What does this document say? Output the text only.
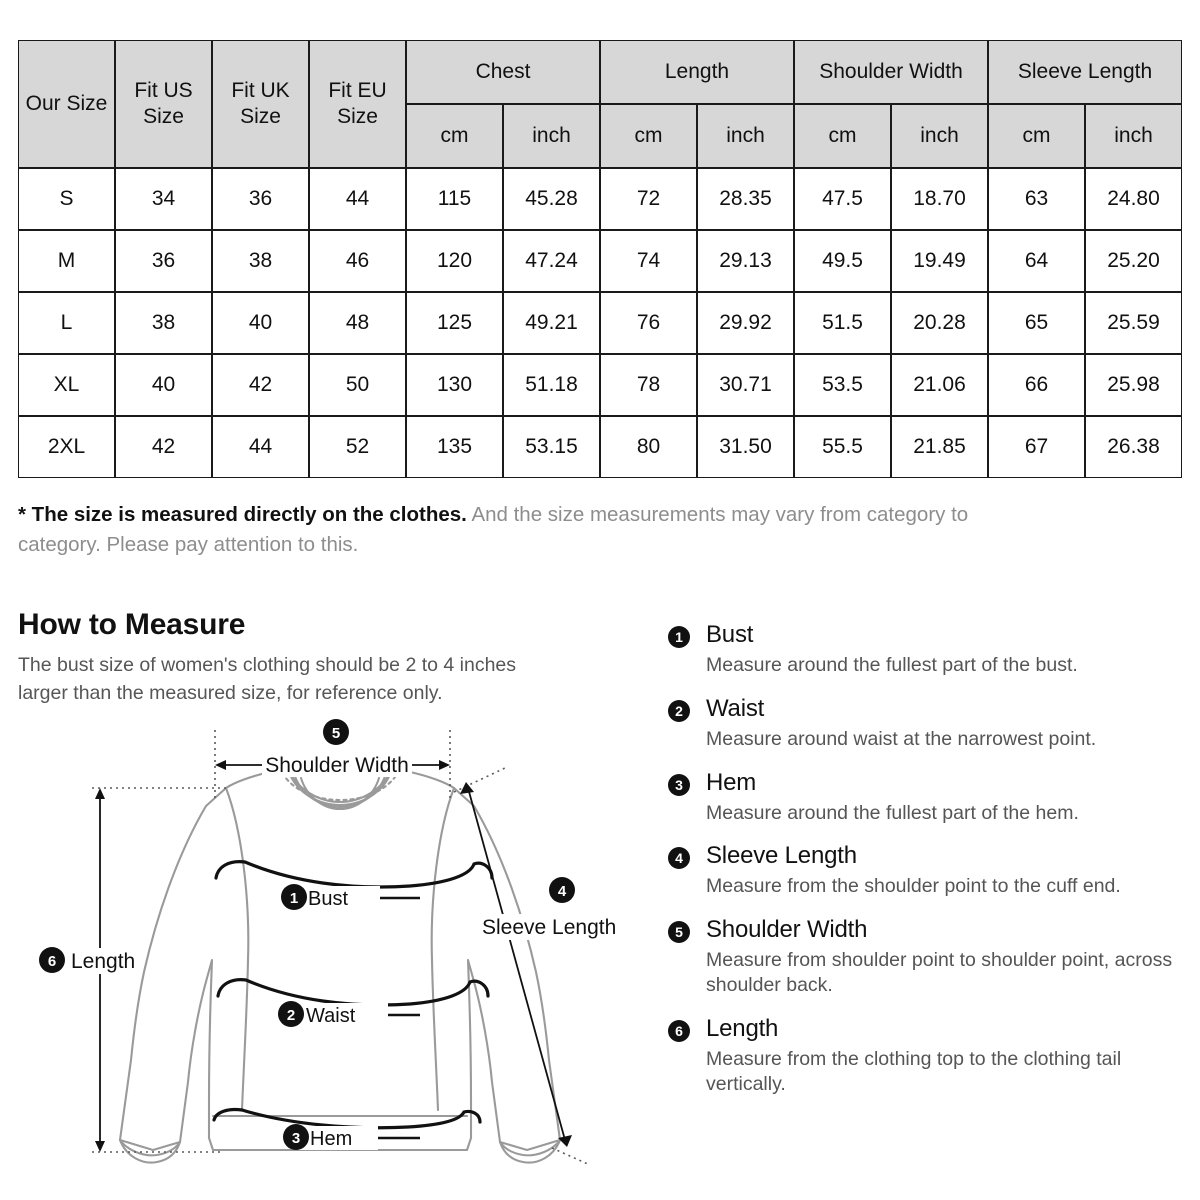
Our Size	Fit US Size	Fit UK Size	Fit EU Size	Chest		Length		Shoulder Width		Sleeve Length	
				cm	inch	cm	inch	cm	inch	cm	inch
S	34	36	44	115	45.28	72	28.35	47.5	18.70	63	24.80
M	36	38	46	120	47.24	74	29.13	49.5	19.49	64	25.20
L	38	40	48	125	49.21	76	29.92	51.5	20.28	65	25.59
XL	40	42	50	130	51.18	78	30.71	53.5	21.06	66	25.98
2XL	42	44	52	135	53.15	80	31.50	55.5	21.85	67	26.38
* The size is measured directly on the clothes. And the size measurements may vary from category to category. Please pay attention to this.
How to Measure
The bust size of women's clothing should be 2 to 4 inches larger than the measured size, for reference only.
Shoulder Width
5
Length
6
Sleeve Length
4
Bust
1
Waist
2
Hem
3
1 Bust
Measure around the fullest part of the bust.
2 Waist
Measure around waist at the narrowest point.
3 Hem
Measure around the fullest part of the hem.
4 Sleeve Length
Measure from the shoulder point to the cuff end.
5 Shoulder Width
Measure from shoulder point to shoulder point, across shoulder back.
6 Length
Measure from the clothing top to the clothing tail vertically.
